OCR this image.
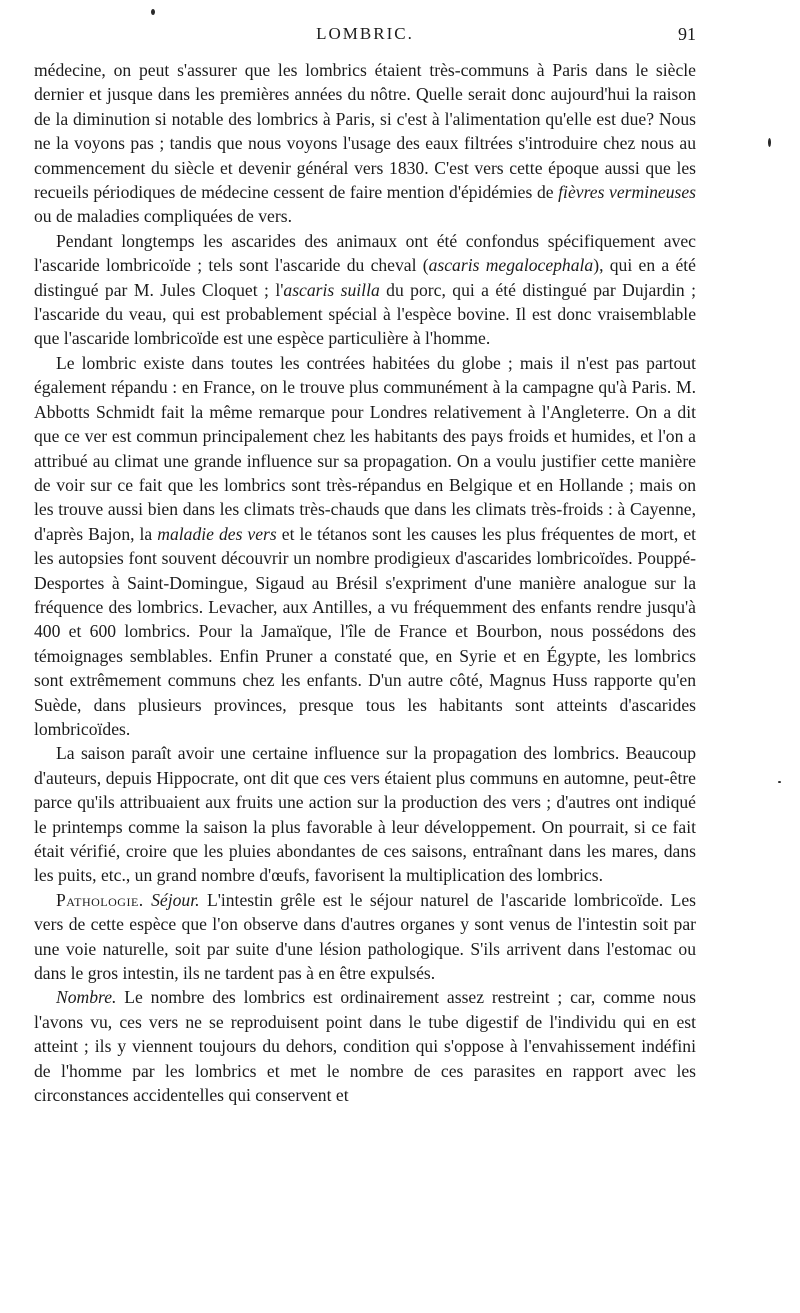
LOMBRIC.	91

médecine, on peut s'assurer que les lombrics étaient très-communs à Paris dans le siècle dernier et jusque dans les premières années du nôtre. Quelle serait donc aujourd'hui la raison de la diminution si notable des lombrics à Paris, si c'est à l'alimentation qu'elle est due? Nous ne la voyons pas ; tandis que nous voyons l'usage des eaux filtrées s'introduire chez nous au commencement du siècle et devenir général vers 1830. C'est vers cette époque aussi que les recueils périodiques de médecine cessent de faire mention d'épidémies de fièvres vermineuses ou de maladies compliquées de vers.

Pendant longtemps les ascarides des animaux ont été confondus spécifiquement avec l'ascaride lombricoïde ; tels sont l'ascaride du cheval (ascaris megalocephala), qui en a été distingué par M. Jules Cloquet ; l'ascaris suilla du porc, qui a été distingué par Dujardin ; l'ascaride du veau, qui est probablement spécial à l'espèce bovine. Il est donc vraisemblable que l'ascaride lombricoïde est une espèce particulière à l'homme.

Le lombric existe dans toutes les contrées habitées du globe ; mais il n'est pas partout également répandu : en France, on le trouve plus communément à la campagne qu'à Paris. M. Abbotts Schmidt fait la même remarque pour Londres relativement à l'Angleterre. On a dit que ce ver est commun principalement chez les habitants des pays froids et humides, et l'on a attribué au climat une grande influence sur sa propagation. On a voulu justifier cette manière de voir sur ce fait que les lombrics sont très-répandus en Belgique et en Hollande ; mais on les trouve aussi bien dans les climats très-chauds que dans les climats très-froids : à Cayenne, d'après Bajon, la maladie des vers et le tétanos sont les causes les plus fréquentes de mort, et les autopsies font souvent découvrir un nombre prodigieux d'ascarides lombricoïdes. Pouppé-Desportes à Saint-Domingue, Sigaud au Brésil s'expriment d'une manière analogue sur la fréquence des lombrics. Levacher, aux Antilles, a vu fréquemment des enfants rendre jusqu'à 400 et 600 lombrics. Pour la Jamaïque, l'île de France et Bourbon, nous possédons des témoignages semblables. Enfin Pruner a constaté que, en Syrie et en Égypte, les lombrics sont extrêmement communs chez les enfants. D'un autre côté, Magnus Huss rapporte qu'en Suède, dans plusieurs provinces, presque tous les habitants sont atteints d'ascarides lombricoïdes.

La saison paraît avoir une certaine influence sur la propagation des lombrics. Beaucoup d'auteurs, depuis Hippocrate, ont dit que ces vers étaient plus communs en automne, peut-être parce qu'ils attribuaient aux fruits une action sur la production des vers ; d'autres ont indiqué le printemps comme la saison la plus favorable à leur développement. On pourrait, si ce fait était vérifié, croire que les pluies abondantes de ces saisons, entraînant dans les mares, dans les puits, etc., un grand nombre d'œufs, favorisent la multiplication des lombrics.

Pathologie. Séjour. L'intestin grêle est le séjour naturel de l'ascaride lombricoïde. Les vers de cette espèce que l'on observe dans d'autres organes y sont venus de l'intestin soit par une voie naturelle, soit par suite d'une lésion pathologique. S'ils arrivent dans l'estomac ou dans le gros intestin, ils ne tardent pas à en être expulsés.

Nombre. Le nombre des lombrics est ordinairement assez restreint ; car, comme nous l'avons vu, ces vers ne se reproduisent point dans le tube digestif de l'individu qui en est atteint ; ils y viennent toujours du dehors, condition qui s'oppose à l'envahissement indéfini de l'homme par les lombrics et met le nombre de ces parasites en rapport avec les circonstances accidentelles qui conservent et
